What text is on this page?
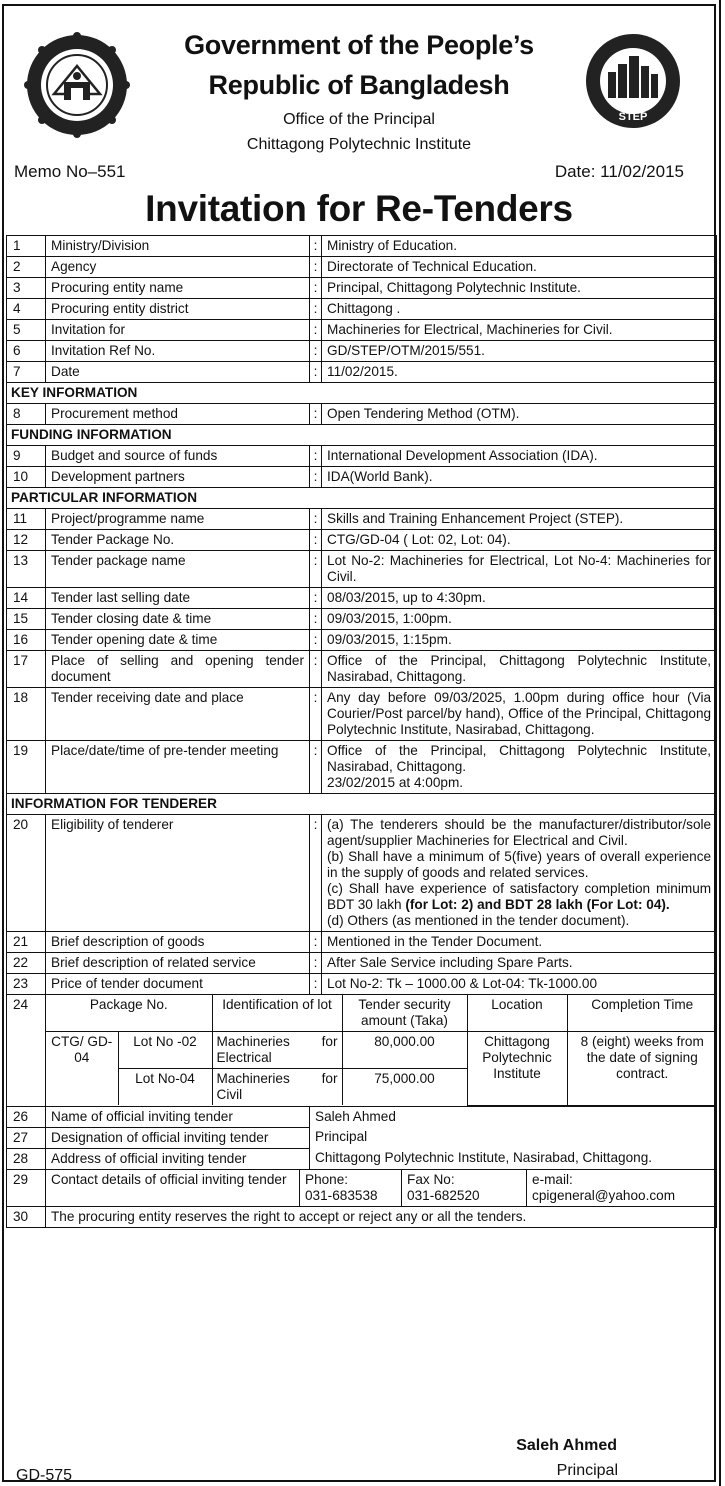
STEP
Government of the People’s
Republic of Bangladesh
Office of the Principal
Chittagong Polytechnic Institute
Memo No–551	Date: 11/02/2015
Invitation for Re-Tenders
1	Ministry/Division	:	Ministry of Education.
2	Agency	:	Directorate of Technical Education.
3	Procuring entity name	:	Principal, Chittagong Polytechnic Institute.
4	Procuring entity district	:	Chittagong .
5	Invitation for	:	Machineries for Electrical, Machineries for Civil.
6	Invitation Ref No.	:	GD/STEP/OTM/2015/551.
7	Date	:	11/02/2015.
KEY INFORMATION
8	Procurement method	:	Open Tendering Method (OTM).
FUNDING INFORMATION
9	Budget and source of funds	:	International Development Association (IDA).
10	Development partners	:	IDA(World Bank).
PARTICULAR INFORMATION
11	Project/programme name	:	Skills and Training Enhancement Project (STEP).
12	Tender Package No.	:	CTG/GD-04 ( Lot: 02, Lot: 04).
13	Tender package name	:	Lot No-2: Machineries for Electrical, Lot No-4: Machineries for Civil.
14	Tender last selling date	:	08/03/2015, up to 4:30pm.
15	Tender closing date & time	:	09/03/2015, 1:00pm.
16	Tender opening date & time	:	09/03/2015, 1:15pm.
17	Place of selling and opening tender document	:	Office of the Principal, Chittagong Polytechnic Institute, Nasirabad, Chittagong.
18	Tender receiving date and place	:	Any day before 09/03/2025, 1.00pm during office hour (Via Courier/Post parcel/by hand), Office of the Principal, Chittagong Polytechnic Institute, Nasirabad, Chittagong.
19	Place/date/time of pre-tender meeting	:	Office of the Principal, Chittagong Polytechnic Institute, Nasirabad, Chittagong.
23/02/2015 at 4:00pm.

INFORMATION FOR TENDERER
20	Eligibility of tenderer	:	(a) The tenderers should be the manufacturer/distributor/sole agent/supplier Machineries for Electrical and Civil.
(b) Shall have a minimum of 5(five) years of overall experience in the supply of goods and related services.
(c) Shall have experience of satisfactory completion minimum BDT 30 lakh (for Lot: 2) and BDT 28 lakh (For Lot: 04).
(d) Others (as mentioned in the tender document).

21	Brief description of goods	:	Mentioned in the Tender Document.
22	Brief description of related service	:	After Sale Service including Spare Parts.
23	Price of tender document	:	Lot No-2: Tk – 1000.00 & Lot-04: Tk-1000.00
24		Package No.	Identification of lot	Tender security amount (Taka)	Location	Completion Time
CTG/ GD-04	Lot No -02	Machineries for Electrical	80,000.00	Chittagong Polytechnic Institute	8 (eight) weeks from the date of signing contract.
Lot No-04	Machineries for Civil	75,000.00

26	Name of official inviting tender	Saleh Ahmed
27	Designation of official inviting tender	Principal
28	Address of official inviting tender	Chittagong Polytechnic Institute, Nasirabad, Chittagong.
29	Contact details of official inviting tender	Phone:
031-683538

Fax No:
031-682520

e-mail:
cpigeneral@yahoo.com

30	The procuring entity reserves the right to accept or reject any or all the tenders.
Saleh Ahmed
Principal
GD-575
